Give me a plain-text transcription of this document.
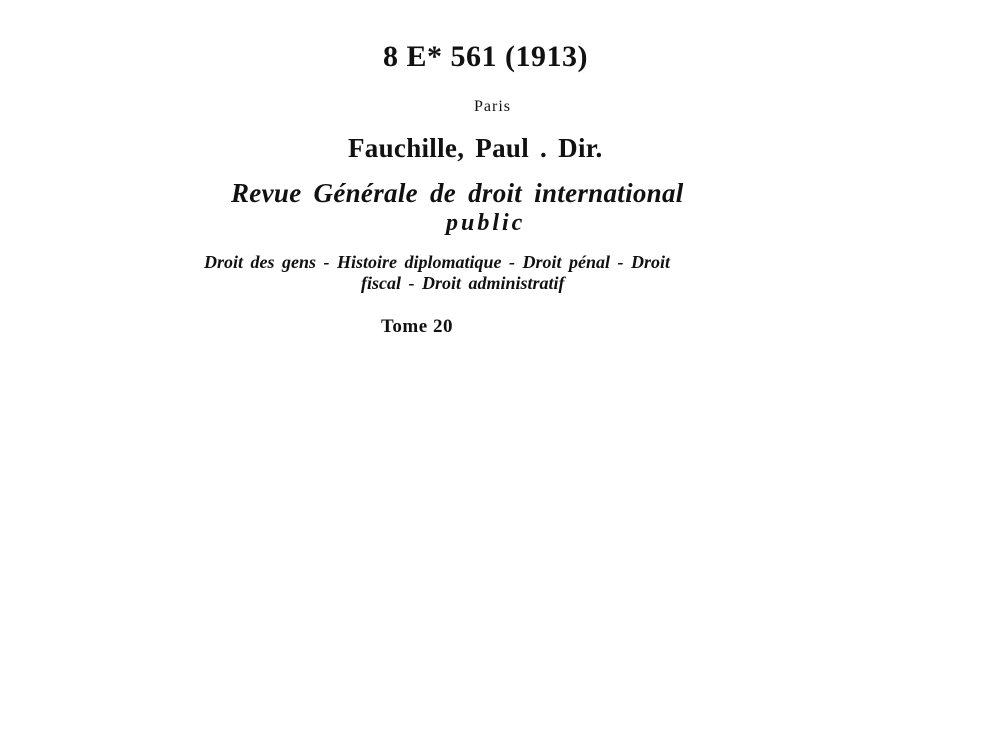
8 E* 561 (1913)

Paris

Fauchille, Paul . Dir.

Revue Générale de droit international

public

Droit des gens - Histoire diplomatique - Droit pénal - Droit

fiscal - Droit administratif

Tome 20
